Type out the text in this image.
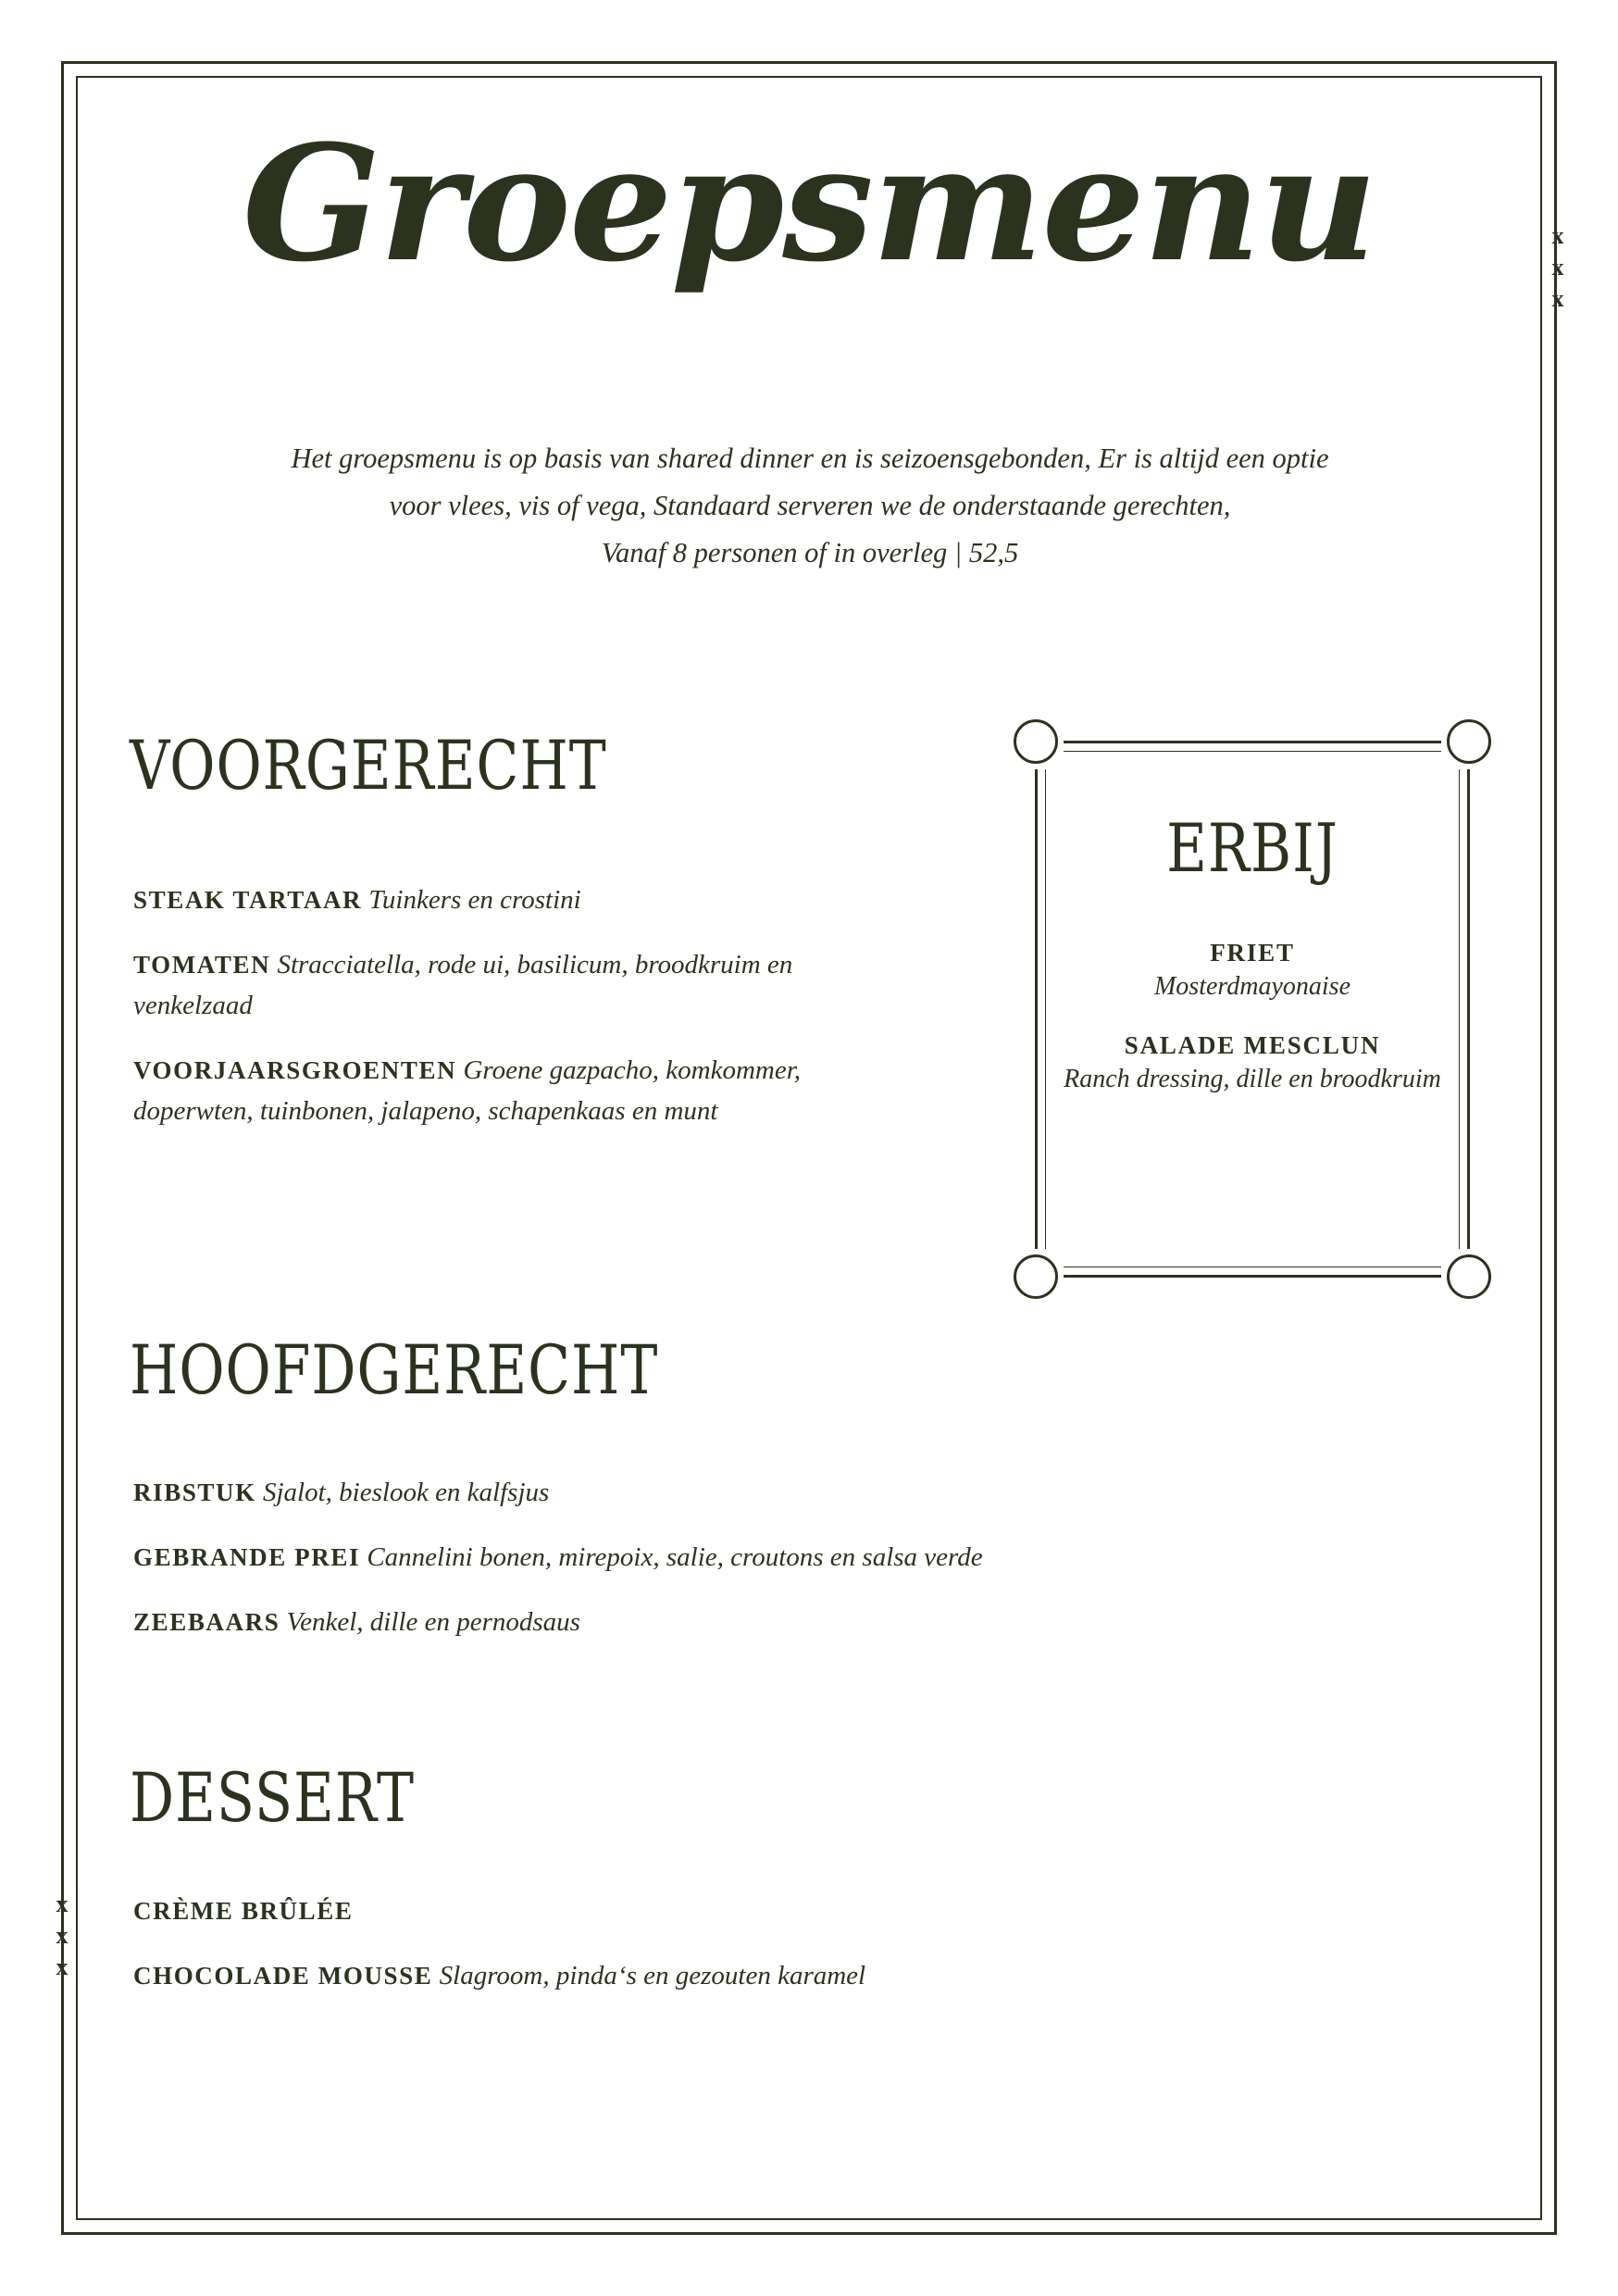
x
x
x
x
x
x
Groepsmenu
Het groepsmenu is op basis van shared dinner en is seizoensgebonden, Er is altijd een optie
voor vlees, vis of vega, Standaard serveren we de onderstaande gerechten,
Vanaf 8 personen of in overleg | 52,5
VOORGERECHT
STEAK TARTAAR Tuinkers en crostini
TOMATEN Stracciatella, rode ui, basilicum, broodkruim en venkelzaad
VOORJAARSGROENTEN Groene gazpacho, komkommer, doperwten, tuinbonen, jalapeno, schapenkaas en munt
HOOFDGERECHT
RIBSTUK Sjalot, bieslook en kalfsjus
GEBRANDE PREI Cannelini bonen, mirepoix, salie, croutons en salsa verde
ZEEBAARS Venkel, dille en pernodsaus
DESSERT
CRÈME BRÛLÉE
CHOCOLADE MOUSSE Slagroom, pinda‘s en gezouten karamel
ERBIJ
FRIET
Mosterdmayonaise
SALADE MESCLUN
Ranch dressing, dille en broodkruim
